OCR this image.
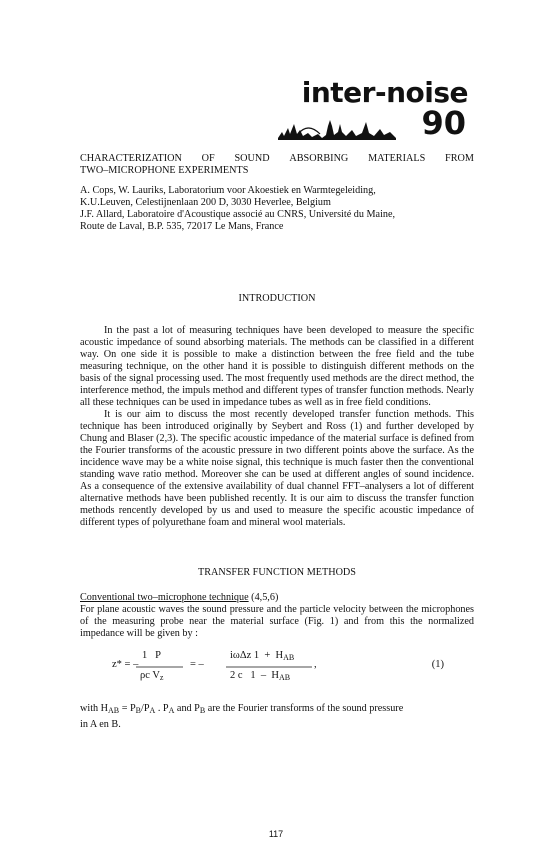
inter-noise
90
CHARACTERIZATION OF SOUND ABSORBING MATERIALS FROM
TWO–MICROPHONE EXPERIMENTS
A. Cops, W. Lauriks, Laboratorium voor Akoestiek en Warmtegeleiding,
K.U.Leuven, Celestijnenlaan 200 D, 3030 Heverlee, Belgium
J.F. Allard, Laboratoire d'Acoustique associé au CNRS, Université du Maine,
Route de Laval, B.P. 535, 72017 Le Mans, France
INTRODUCTION

In the past a lot of measuring techniques have been developed to measure the specific acoustic impedance of sound absorbing materials. The methods can be classified in a different way. On one side it is possible to make a distinction between the free field and the tube measuring technique, on the other hand it is possible to distinguish different methods on the basis of the signal processing used. The most frequently used methods are the direct method, the interference method, the impuls method and different types of transfer function methods. Nearly all these techniques can be used in impedance tubes as well as in free field conditions.

It is our aim to discuss the most recently developed transfer function methods. This technique has been introduced originally by Seybert and Ross (1) and further developed by Chung and Blaser (2,3). The specific acoustic impedance of the material surface is defined from the Fourier transforms of the acoustic pressure in two different points above the surface. As the incidence wave may be a white noise signal, this technique is much faster then the conventional standing wave ratio method. Moreover she can be used at different angles of sound incidence. As a consequence of the extensive availability of dual channel FFT–analysers a lot of different alternative methods have been published recently. It is our aim to discuss the transfer function methods rencently developed by us and used to measure the specific acoustic impedance of different types of polyurethane foam and mineral wool materials.

TRANSFER FUNCTION METHODS
Conventional two–microphone technique (4,5,6)
For plane acoustic waves the sound pressure and the particle velocity between the microphones of the measuring probe near the material surface (Fig. 1) and from this the normalized impedance will be given by :
z* = –
1   P
ρc $V_z$
= –
iωΔz $1 + H_{AB}$
2 c   $1 - H_{AB}$
,	(1)
with $H_{AB} = P_B/P_A$ . $P_A$ and $P_B$ are the Fourier transforms of the sound pressure
in A en B.
117
